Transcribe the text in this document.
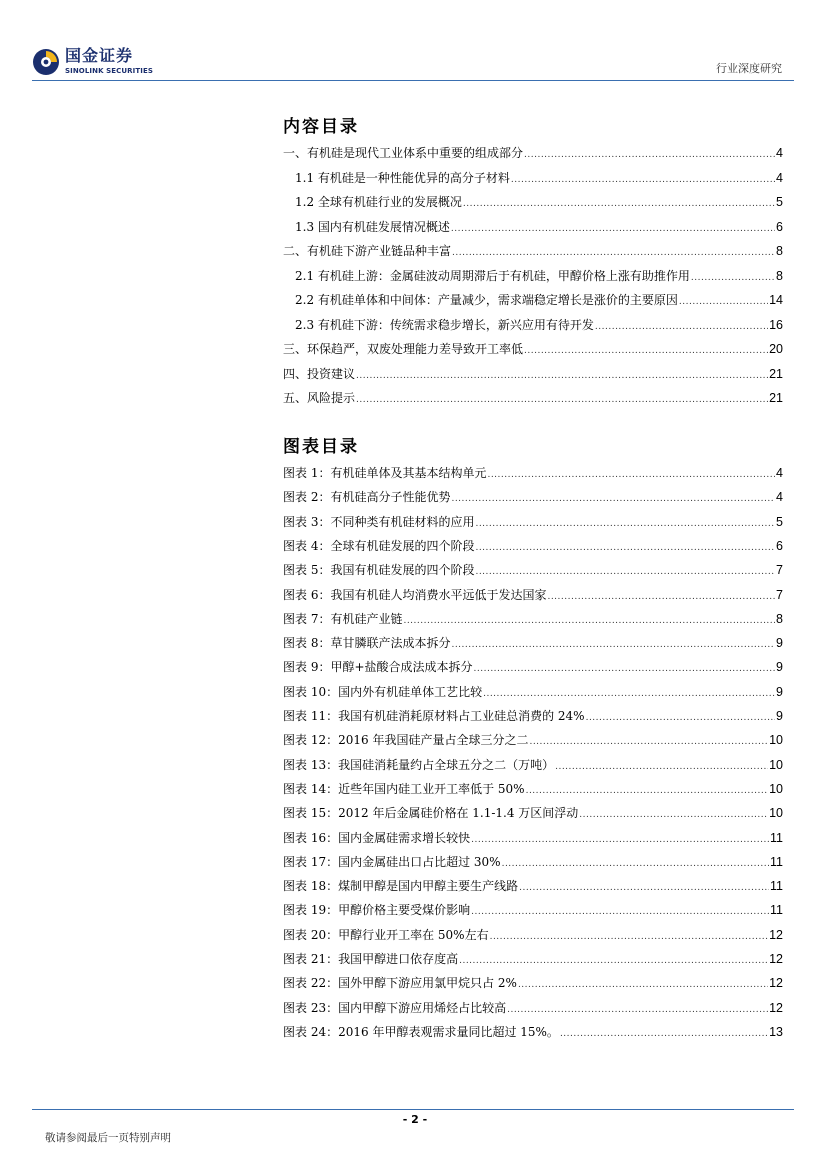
国金证券
SINOLINK SECURITIES	行业深度研究
内容目录
一、有机硅是现代工业体系中重要的组成部分 .....	4
1.1 有机硅是一种性能优异的高分子材料 .....	4
1.2 全球有机硅行业的发展概况 .....	5
1.3 国内有机硅发展情况概述 .....	6
二、有机硅下游产业链品种丰富 .....	8
2.1 有机硅上游：金属硅波动周期滞后于有机硅，甲醇价格上涨有助推作用 .....	8
2.2 有机硅单体和中间体：产量减少，需求端稳定增长是涨价的主要原因 .....	14
2.3 有机硅下游：传统需求稳步增长，新兴应用有待开发 .....	16
三、环保趋严，双废处理能力差导致开工率低 .....	20
四、投资建议 .....	21
五、风险提示 .....	21
图表目录
图表 1：有机硅单体及其基本结构单元 .....	4
图表 2：有机硅高分子性能优势 .....	4
图表 3：不同种类有机硅材料的应用 .....	5
图表 4：全球有机硅发展的四个阶段 .....	6
图表 5：我国有机硅发展的四个阶段 .....	7
图表 6：我国有机硅人均消费水平远低于发达国家 .....	7
图表 7：有机硅产业链 .....	8
图表 8：草甘膦联产法成本拆分 .....	9
图表 9：甲醇+盐酸合成法成本拆分 .....	9
图表 10：国内外有机硅单体工艺比较 .....	9
图表 11：我国有机硅消耗原材料占工业硅总消费的 24% .....	9
图表 12：2016 年我国硅产量占全球三分之二 .....	10
图表 13：我国硅消耗量约占全球五分之二（万吨） .....	10
图表 14：近些年国内硅工业开工率低于 50% .....	10
图表 15：2012 年后金属硅价格在 1.1-1.4 万区间浮动 .....	10
图表 16：国内金属硅需求增长较快 .....	11
图表 17：国内金属硅出口占比超过 30% .....	11
图表 18：煤制甲醇是国内甲醇主要生产线路 .....	11
图表 19：甲醇价格主要受煤价影响 .....	11
图表 20：甲醇行业开工率在 50%左右 .....	12
图表 21：我国甲醇进口依存度高 .....	12
图表 22：国外甲醇下游应用氯甲烷只占 2% .....	12
图表 23：国内甲醇下游应用烯烃占比较高 .....	12
图表 24：2016 年甲醇表观需求量同比超过 15%。 .....	13
- 2 -
敬请参阅最后一页特别声明
